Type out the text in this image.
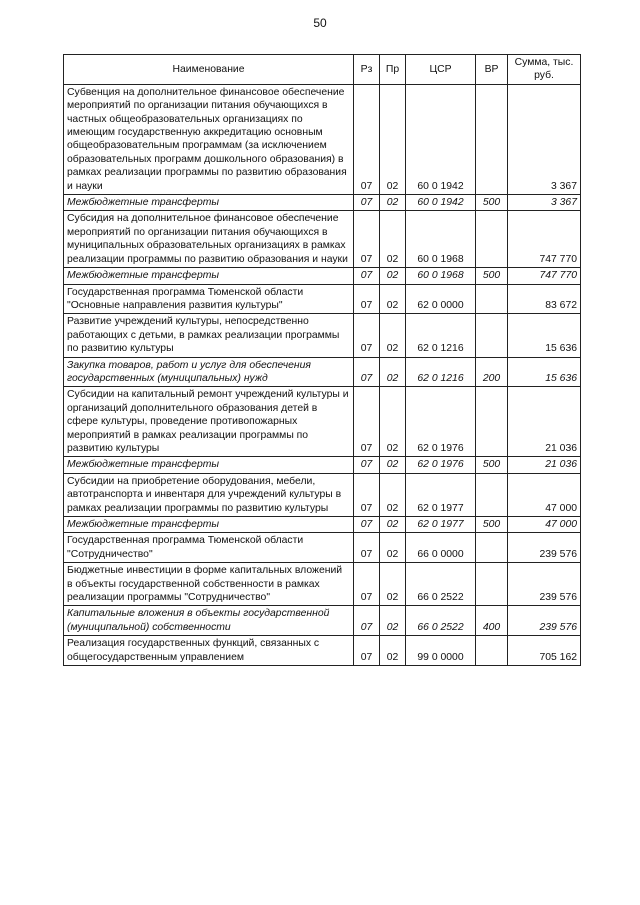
50
Наименование	Рз	Пр	ЦСР	ВР	Сумма, тыс. руб.
Субвенция на дополнительное финансовое обеспечение мероприятий по организации питания обучающихся в частных общеобразовательных организациях по имеющим государственную аккредитацию основным общеобразовательным программам (за исключением образовательных программ дошкольного образования) в рамках реализации программы по развитию образования и науки	07	02	60 0 1942		3 367
Межбюджетные трансферты	07	02	60 0 1942	500	3 367
Субсидия на дополнительное финансовое обеспечение мероприятий по организации питания обучающихся в муниципальных образовательных организациях в рамках реализации программы по развитию образования и науки	07	02	60 0 1968		747 770
Межбюджетные трансферты	07	02	60 0 1968	500	747 770
Государственная программа Тюменской области "Основные направления развития культуры"	07	02	62 0 0000		83 672
Развитие учреждений культуры, непосредственно работающих с детьми, в рамках реализации программы по развитию культуры	07	02	62 0 1216		15 636
Закупка товаров, работ и услуг для обеспечения государственных (муниципальных) нужд	07	02	62 0 1216	200	15 636
Субсидии на капитальный ремонт учреждений культуры и организаций дополнительного образования детей в сфере культуры, проведение противопожарных мероприятий в рамках реализации программы по развитию культуры	07	02	62 0 1976		21 036
Межбюджетные трансферты	07	02	62 0 1976	500	21 036
Субсидии на приобретение оборудования, мебели, автотранспорта и инвентаря для учреждений культуры в рамках реализации программы по развитию культуры	07	02	62 0 1977		47 000
Межбюджетные трансферты	07	02	62 0 1977	500	47 000
Государственная программа Тюменской области "Сотрудничество"	07	02	66 0 0000		239 576
Бюджетные инвестиции в форме капитальных вложений в объекты государственной собственности в рамках реализации программы "Сотрудничество"	07	02	66 0 2522		239 576
Капитальные вложения в объекты государственной (муниципальной) собственности	07	02	66 0 2522	400	239 576
Реализация государственных функций, связанных с общегосударственным управлением	07	02	99 0 0000		705 162
